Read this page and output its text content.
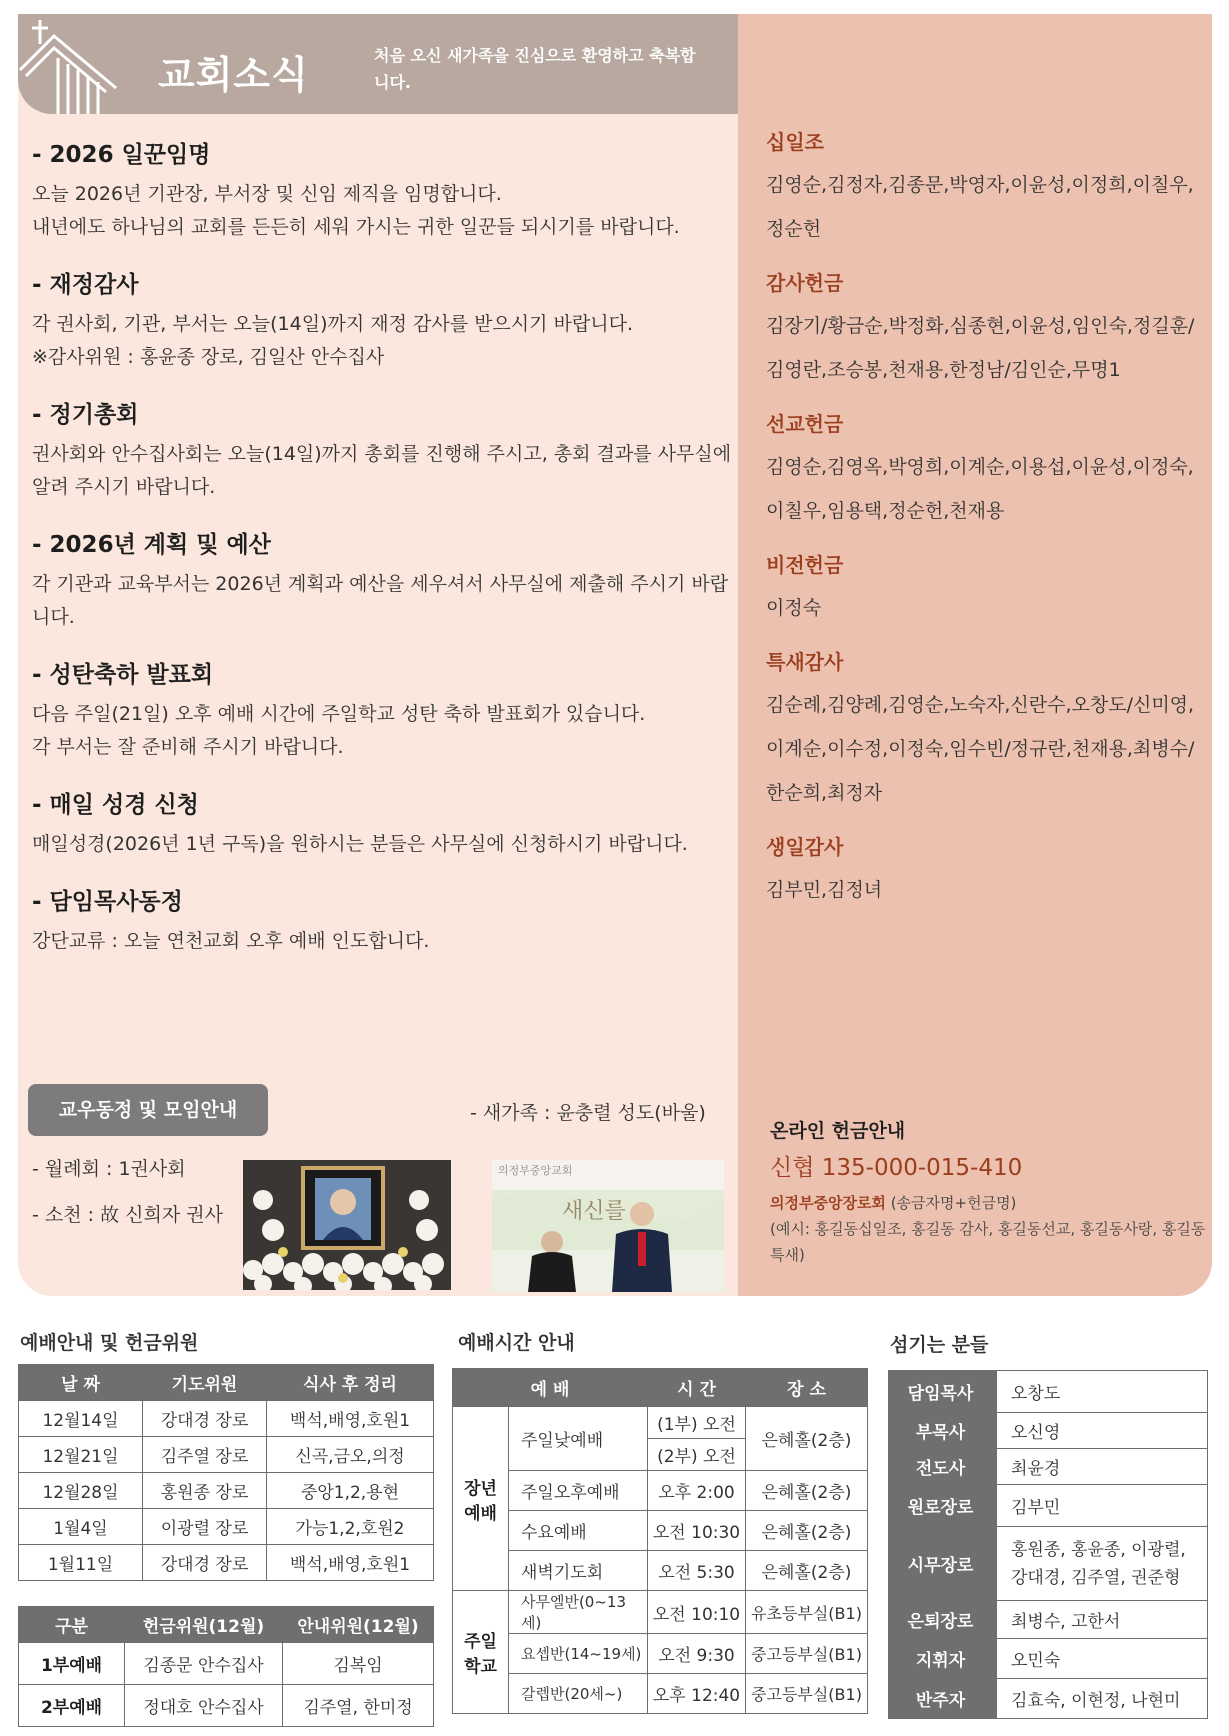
교회소식	처음 오신 새가족을 진심으로 환영하고 축복합니다.
- 2026 일꾼임명

오늘 2026년 기관장, 부서장 및 신임 제직을 임명합니다.

내년에도 하나님의 교회를 든든히 세워 가시는 귀한 일꾼들 되시기를 바랍니다.

- 재정감사

각 권사회, 기관, 부서는 오늘(14일)까지 재정 감사를 받으시기 바랍니다.

※감사위원 : 홍윤종 장로, 김일산 안수집사

- 정기총회

권사회와 안수집사회는 오늘(14일)까지 총회를 진행해 주시고, 총회 결과를 사무실에 알려 주시기 바랍니다.

- 2026년 계획 및 예산

각 기관과 교육부서는 2026년 계획과 예산을 세우셔서 사무실에 제출해 주시기 바랍니다.

- 성탄축하 발표회

다음 주일(21일) 오후 예배 시간에 주일학교 성탄 축하 발표회가 있습니다.

각 부서는 잘 준비해 주시기 바랍니다.

- 매일 성경 신청

매일성경(2026년 1년 구독)을 원하시는 분들은 사무실에 신청하시기 바랍니다.

- 담임목사동정

강단교류 : 오늘 연천교회 오후 예배 인도합니다.

교우동정 및 모임안내	- 새가족 : 윤충렬 성도(바울)
- 월례회 : 1권사회
- 소천 : 故 신희자 권사
의정부중앙교회
새신를
십일조

김영순,김정자,김종문,박영자,이윤성,이정희,이칠우,정순헌

감사헌금

김장기/황금순,박정화,심종현,이윤성,임인숙,정길훈/김영란,조승봉,천재용,한정남/김인순,무명1

선교헌금

김영순,김영옥,박영희,이계순,이용섭,이윤성,이정숙,이칠우,임용택,정순헌,천재용

비전헌금

이정숙

특새감사

김순례,김양례,김영순,노숙자,신란수,오창도/신미영,이계순,이수정,이정숙,임수빈/정규란,천재용,최병수/한순희,최정자

생일감사

김부민,김정녀

온라인 헌금안내
신협 135-000-015-410
의정부중앙장로회 (송금자명+헌금명)
(예시: 홍길동십일조, 홍길동 감사, 홍길동선교, 홍길동사랑, 홍길동 특새)
예배안내 및 헌금위원
날 짜	기도위원	식사 후 정리
12월14일	강대경 장로	백석,배영,호원1
12월21일	김주열 장로	신곡,금오,의정
12월28일	홍원종 장로	중앙1,2,용현
1월4일	이광렬 장로	가능1,2,호원2
1월11일	강대경 장로	백석,배영,호원1
구분	헌금위원(12월)	안내위원(12월)
1부예배	김종문 안수집사	김복임
2부예배	정대호 안수집사	김주열, 한미정
예배시간 안내
예 배		시 간	장 소
장년 예배	주일낮예배	(1부) 오전	은혜홀(2층)
		(2부) 오전	
	주일오후예배	오후 2:00	은혜홀(2층)
	수요예배	오전 10:30	은혜홀(2층)
	새벽기도회	오전 5:30	은혜홀(2층)
주일 학교	사무엘반(0~13세)	오전 10:10	유초등부실(B1)
	요셉반(14~19세)	오전 9:30	중고등부실(B1)
	갈렙반(20세~)	오후 12:40	중고등부실(B1)
섬기는 분들
담임목사	오창도
부목사	오신영
전도사	최윤경
원로장로	김부민
시무장로	홍원종, 홍윤종, 이광렬, 강대경, 김주열, 권준형
은퇴장로	최병수, 고한서
지휘자	오민숙
반주자	김효숙, 이현정, 나현미
